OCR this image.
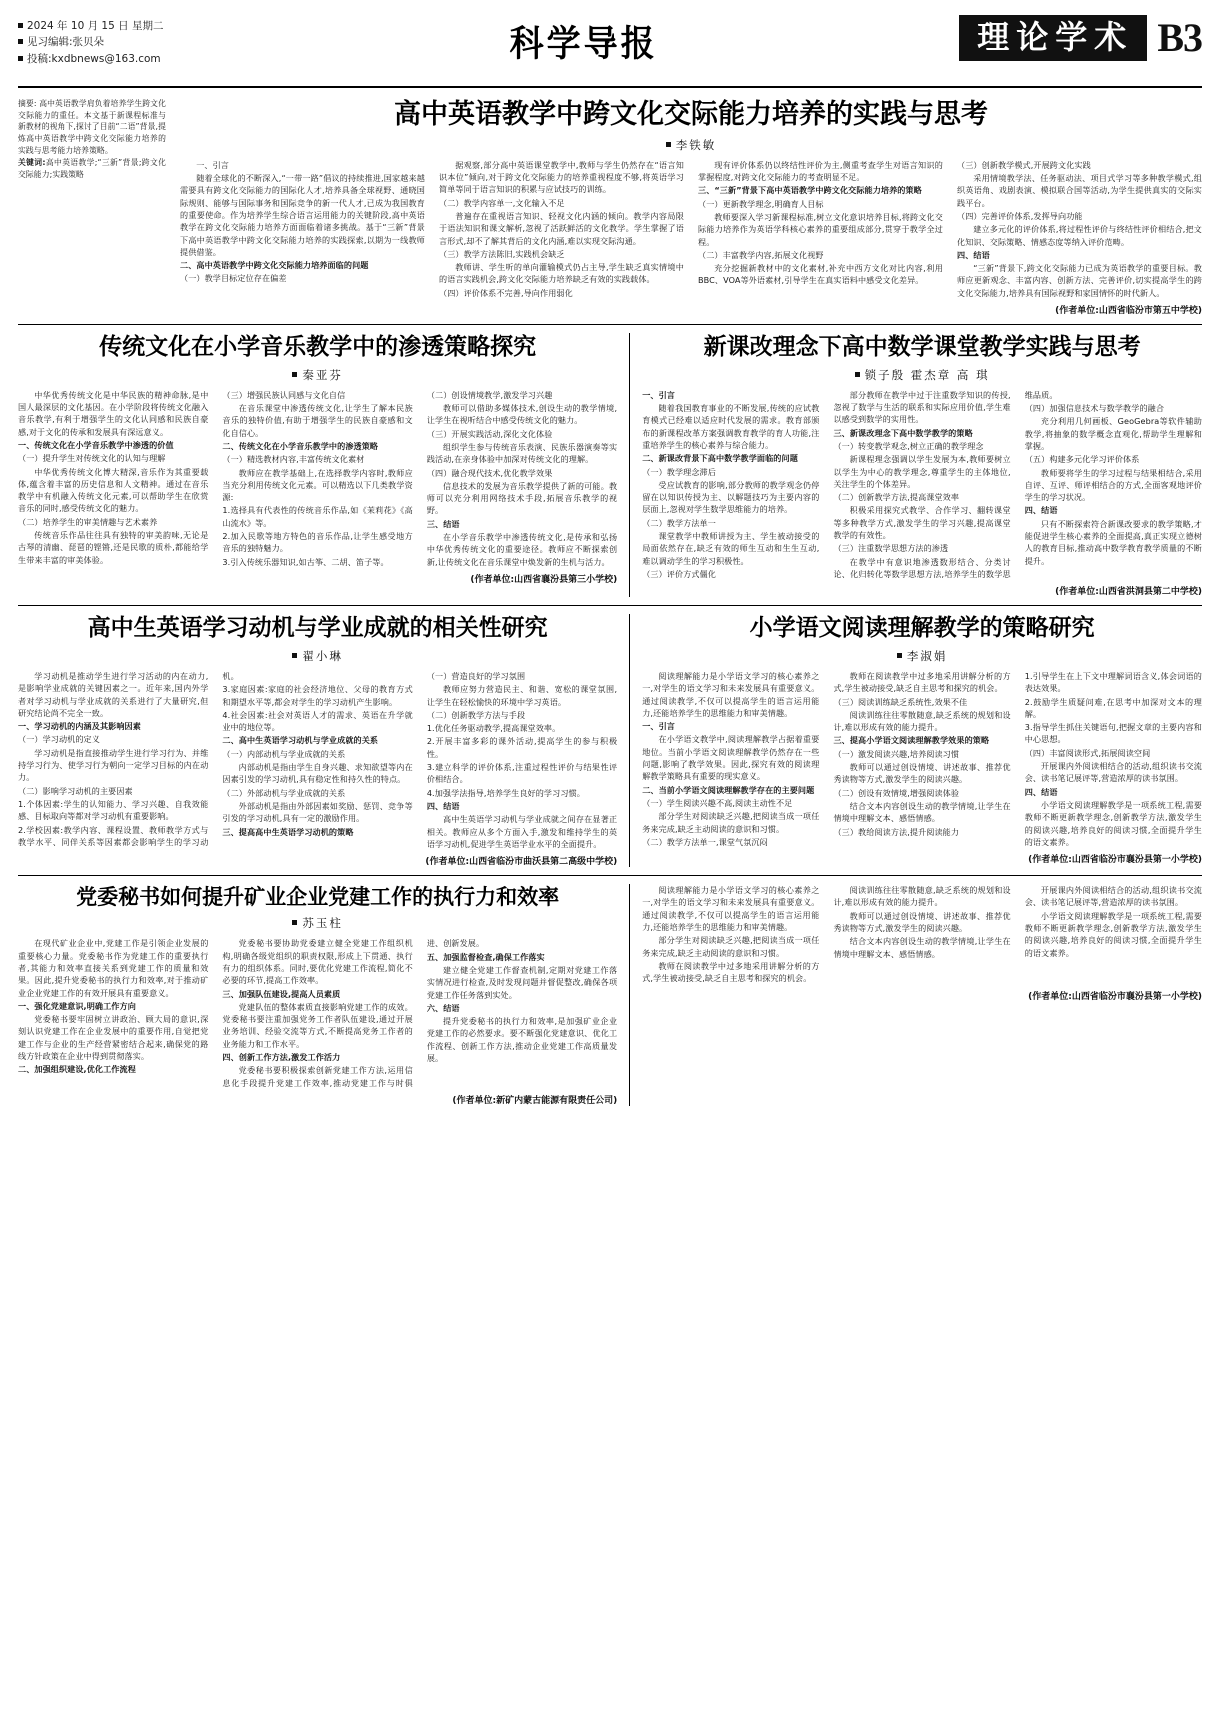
2024 年 10 月 15 日 星期二
见习编辑:张贝朵
投稿:kxdbnews@163.com	科学导报	理论学术 B3

摘要: 高中英语教学肩负着培养学生跨文化交际能力的重任。本文基于新课程标准与新教材的视角下,探讨了目前“二语”背景,提炼高中英语教学中跨文化交际能力培养的实践与思考能力培养策略。

关键词:高中英语教学;“三新”背景;跨文化交际能力;实践策略

高中英语教学中跨文化交际能力培养的实践与思考
李铁敏

一、引言

随着全球化的不断深入,“一带一路”倡议的持续推进,国家越来越需要具有跨文化交际能力的国际化人才,培养具备全球视野、通晓国际规则、能够与国际事务和国际竞争的新一代人才,已成为我国教育的重要使命。作为培养学生综合语言运用能力的关键阶段,高中英语教学在跨文化交际能力培养方面面临着诸多挑战。基于“三新”背景下高中英语教学中跨文化交际能力培养的实践探索,以期为一线教师提供借鉴。

二、高中英语教学中跨文化交际能力培养面临的问题

（一）教学目标定位存在偏差

据观察,部分高中英语课堂教学中,教师与学生仍然存在“语言知识本位”倾向,对于跨文化交际能力的培养重视程度不够,将英语学习简单等同于语言知识的积累与应试技巧的训练。

（二）教学内容单一,文化输入不足

普遍存在重视语言知识、轻视文化内涵的倾向。教学内容局限于语法知识和课文解析,忽视了活跃鲜活的文化教学。学生掌握了语言形式,却不了解其背后的文化内涵,难以实现交际沟通。

（三）教学方法陈旧,实践机会缺乏

教师讲、学生听的单向灌输模式仍占主导,学生缺乏真实情境中的语言实践机会,跨文化交际能力培养缺乏有效的实践载体。

（四）评价体系不完善,导向作用弱化

现有评价体系仍以终结性评价为主,侧重考查学生对语言知识的掌握程度,对跨文化交际能力的考查明显不足。

三、“三新”背景下高中英语教学中跨文化交际能力培养的策略

（一）更新教学理念,明确育人目标

教师要深入学习新课程标准,树立文化意识培养目标,将跨文化交际能力培养作为英语学科核心素养的重要组成部分,贯穿于教学全过程。

（二）丰富教学内容,拓展文化视野

充分挖掘新教材中的文化素材,补充中西方文化对比内容,利用BBC、VOA等外语素材,引导学生在真实语料中感受文化差异。

（三）创新教学模式,开展跨文化实践

采用情境教学法、任务驱动法、项目式学习等多种教学模式,组织英语角、戏剧表演、模拟联合国等活动,为学生提供真实的交际实践平台。

（四）完善评价体系,发挥导向功能

建立多元化的评价体系,将过程性评价与终结性评价相结合,把文化知识、交际策略、情感态度等纳入评价范畴。

四、结语

“三新”背景下,跨文化交际能力已成为英语教学的重要目标。教师应更新观念、丰富内容、创新方法、完善评价,切实提高学生的跨文化交际能力,培养具有国际视野和家国情怀的时代新人。

(作者单位:山西省临汾市第五中学校)
传统文化在小学音乐教学中的渗透策略探究
秦亚芬

中华优秀传统文化是中华民族的精神命脉,是中国人最深层的文化基因。在小学阶段将传统文化融入音乐教学,有利于增强学生的文化认同感和民族自豪感,对于文化的传承和发展具有深远意义。

一、传统文化在小学音乐教学中渗透的价值

（一）提升学生对传统文化的认知与理解

中华优秀传统文化博大精深,音乐作为其重要载体,蕴含着丰富的历史信息和人文精神。通过在音乐教学中有机融入传统文化元素,可以帮助学生在欣赏音乐的同时,感受传统文化的魅力。

（二）培养学生的审美情趣与艺术素养

传统音乐作品往往具有独特的审美韵味,无论是古琴的清幽、琵琶的铿锵,还是民歌的质朴,都能给学生带来丰富的审美体验。

（三）增强民族认同感与文化自信

在音乐课堂中渗透传统文化,让学生了解本民族音乐的独特价值,有助于增强学生的民族自豪感和文化自信心。

二、传统文化在小学音乐教学中的渗透策略

（一）精选教材内容,丰富传统文化素材

教师应在教学基础上,在选择教学内容时,教师应当充分利用传统文化元素。可以精选以下几类教学资源:

1.选择具有代表性的传统音乐作品,如《茉莉花》《高山流水》等。

2.加入民歌等地方特色的音乐作品,让学生感受地方音乐的独特魅力。

3.引入传统乐器知识,如古筝、二胡、笛子等。

（二）创设情境教学,激发学习兴趣

教师可以借助多媒体技术,创设生动的教学情境,让学生在视听结合中感受传统文化的魅力。

（三）开展实践活动,深化文化体验

组织学生参与传统音乐表演、民族乐器演奏等实践活动,在亲身体验中加深对传统文化的理解。

（四）融合现代技术,优化教学效果

信息技术的发展为音乐教学提供了新的可能。教师可以充分利用网络技术手段,拓展音乐教学的视野。

三、结语

在小学音乐教学中渗透传统文化,是传承和弘扬中华优秀传统文化的重要途径。教师应不断探索创新,让传统文化在音乐课堂中焕发新的生机与活力。

(作者单位:山西省襄汾县第三小学校)
新课改理念下高中数学课堂教学实践与思考
锁子殷 霍杰章 高 琪

一、引言

随着我国教育事业的不断发展,传统的应试教育模式已经难以适应时代发展的需求。教育部颁布的新课程改革方案强调教育教学的育人功能,注重培养学生的核心素养与综合能力。

二、新课改背景下高中数学教学面临的问题

（一）教学理念滞后

受应试教育的影响,部分教师的教学观念仍停留在以知识传授为主、以解题技巧为主要内容的层面上,忽视对学生数学思维能力的培养。

（二）教学方法单一

课堂教学中教师讲授为主、学生被动接受的局面依然存在,缺乏有效的师生互动和生生互动,难以调动学生的学习积极性。

（三）评价方式僵化

部分教师在教学中过于注重数学知识的传授,忽视了数学与生活的联系和实际应用价值,学生难以感受到数学的实用性。

三、新课改理念下高中数学教学的策略

（一）转变教学观念,树立正确的教学理念

新课程理念强调以学生发展为本,教师要树立以学生为中心的教学理念,尊重学生的主体地位,关注学生的个体差异。

（二）创新教学方法,提高课堂效率

积极采用探究式教学、合作学习、翻转课堂等多种教学方式,激发学生的学习兴趣,提高课堂教学的有效性。

（三）注重数学思想方法的渗透

在教学中有意识地渗透数形结合、分类讨论、化归转化等数学思想方法,培养学生的数学思维品质。

（四）加强信息技术与数学教学的融合

充分利用几何画板、GeoGebra等软件辅助教学,将抽象的数学概念直观化,帮助学生理解和掌握。

（五）构建多元化学习评价体系

教师要将学生的学习过程与结果相结合,采用自评、互评、师评相结合的方式,全面客观地评价学生的学习状况。

四、结语

只有不断探索符合新课改要求的教学策略,才能促进学生核心素养的全面提高,真正实现立德树人的教育目标,推动高中数学教育教学质量的不断提升。

(作者单位:山西省洪洞县第二中学校)
高中生英语学习动机与学业成就的相关性研究
翟小琳

学习动机是推动学生进行学习活动的内在动力,是影响学业成就的关键因素之一。近年来,国内外学者对学习动机与学业成就的关系进行了大量研究,但研究结论尚不完全一致。

一、学习动机的内涵及其影响因素

（一）学习动机的定义

学习动机是指直接推动学生进行学习行为、并维持学习行为、使学习行为朝向一定学习目标的内在动力。

（二）影响学习动机的主要因素

1.个体因素:学生的认知能力、学习兴趣、自我效能感、目标取向等都对学习动机有重要影响。

2.学校因素:教学内容、课程设置、教师教学方式与教学水平、同伴关系等因素都会影响学生的学习动机。

3.家庭因素:家庭的社会经济地位、父母的教育方式和期望水平等,都会对学生的学习动机产生影响。

4.社会因素:社会对英语人才的需求、英语在升学就业中的地位等。

二、高中生英语学习动机与学业成就的关系

（一）内部动机与学业成就的关系

内部动机是指由学生自身兴趣、求知欲望等内在因素引发的学习动机,具有稳定性和持久性的特点。

（二）外部动机与学业成就的关系

外部动机是指由外部因素如奖励、惩罚、竞争等引发的学习动机,具有一定的激励作用。

三、提高高中生英语学习动机的策略

（一）营造良好的学习氛围

教师应努力营造民主、和谐、宽松的课堂氛围,让学生在轻松愉快的环境中学习英语。

（二）创新教学方法与手段

1.优化任务驱动教学,提高课堂效率。

2.开展丰富多彩的课外活动,提高学生的参与积极性。

3.建立科学的评价体系,注重过程性评价与结果性评价相结合。

4.加强学法指导,培养学生良好的学习习惯。

四、结语

高中生英语学习动机与学业成就之间存在显著正相关。教师应从多个方面入手,激发和维持学生的英语学习动机,促进学生英语学业水平的全面提升。

(作者单位:山西省临汾市曲沃县第二高级中学校)
小学语文阅读理解教学的策略研究
李淑娟

阅读理解能力是小学语文学习的核心素养之一,对学生的语文学习和未来发展具有重要意义。通过阅读教学,不仅可以提高学生的语言运用能力,还能培养学生的思维能力和审美情趣。

一、引言

在小学语文教学中,阅读理解教学占据着重要地位。当前小学语文阅读理解教学仍然存在一些问题,影响了教学效果。因此,探究有效的阅读理解教学策略具有重要的现实意义。

二、当前小学语文阅读理解教学存在的主要问题

（一）学生阅读兴趣不高,阅读主动性不足

部分学生对阅读缺乏兴趣,把阅读当成一项任务来完成,缺乏主动阅读的意识和习惯。

（二）教学方法单一,课堂气氛沉闷

教师在阅读教学中过多地采用讲解分析的方式,学生被动接受,缺乏自主思考和探究的机会。

（三）阅读训练缺乏系统性,效果不佳

阅读训练往往零散随意,缺乏系统的规划和设计,难以形成有效的能力提升。

三、提高小学语文阅读理解教学效果的策略

（一）激发阅读兴趣,培养阅读习惯

教师可以通过创设情境、讲述故事、推荐优秀读物等方式,激发学生的阅读兴趣。

（二）创设有效情境,增强阅读体验

结合文本内容创设生动的教学情境,让学生在情境中理解文本、感悟情感。

（三）教给阅读方法,提升阅读能力

1.引导学生在上下文中理解词语含义,体会词语的表达效果。

2.鼓励学生质疑问难,在思考中加深对文本的理解。

3.指导学生抓住关键语句,把握文章的主要内容和中心思想。

（四）丰富阅读形式,拓展阅读空间

开展课内外阅读相结合的活动,组织读书交流会、读书笔记展评等,营造浓厚的读书氛围。

四、结语

小学语文阅读理解教学是一项系统工程,需要教师不断更新教学理念,创新教学方法,激发学生的阅读兴趣,培养良好的阅读习惯,全面提升学生的语文素养。

(作者单位:山西省临汾市襄汾县第一小学校)
党委秘书如何提升矿业企业党建工作的执行力和效率
苏玉柱

在现代矿业企业中,党建工作是引领企业发展的重要核心力量。党委秘书作为党建工作的重要执行者,其能力和效率直接关系到党建工作的质量和效果。因此,提升党委秘书的执行力和效率,对于推动矿业企业党建工作的有效开展具有重要意义。

一、强化党建意识,明确工作方向

党委秘书要牢固树立讲政治、顾大局的意识,深刻认识党建工作在企业发展中的重要作用,自觉把党建工作与企业的生产经营紧密结合起来,确保党的路线方针政策在企业中得到贯彻落实。

二、加强组织建设,优化工作流程

党委秘书要协助党委建立健全党建工作组织机构,明确各级党组织的职责权限,形成上下贯通、执行有力的组织体系。同时,要优化党建工作流程,简化不必要的环节,提高工作效率。

三、加强队伍建设,提高人员素质

党建队伍的整体素质直接影响党建工作的成效。党委秘书要注重加强党务工作者队伍建设,通过开展业务培训、经验交流等方式,不断提高党务工作者的业务能力和工作水平。

四、创新工作方法,激发工作活力

党委秘书要积极探索创新党建工作方法,运用信息化手段提升党建工作效率,推动党建工作与时俱进、创新发展。

五、加强监督检查,确保工作落实

建立健全党建工作督查机制,定期对党建工作落实情况进行检查,及时发现问题并督促整改,确保各项党建工作任务落到实处。

六、结语

提升党委秘书的执行力和效率,是加强矿业企业党建工作的必然要求。要不断强化党建意识、优化工作流程、创新工作方法,推动企业党建工作高质量发展。

(作者单位:新矿内蒙古能源有限责任公司)

阅读理解能力是小学语文学习的核心素养之一,对学生的语文学习和未来发展具有重要意义。通过阅读教学,不仅可以提高学生的语言运用能力,还能培养学生的思维能力和审美情趣。

部分学生对阅读缺乏兴趣,把阅读当成一项任务来完成,缺乏主动阅读的意识和习惯。

教师在阅读教学中过多地采用讲解分析的方式,学生被动接受,缺乏自主思考和探究的机会。

阅读训练往往零散随意,缺乏系统的规划和设计,难以形成有效的能力提升。

教师可以通过创设情境、讲述故事、推荐优秀读物等方式,激发学生的阅读兴趣。

结合文本内容创设生动的教学情境,让学生在情境中理解文本、感悟情感。

开展课内外阅读相结合的活动,组织读书交流会、读书笔记展评等,营造浓厚的读书氛围。

小学语文阅读理解教学是一项系统工程,需要教师不断更新教学理念,创新教学方法,激发学生的阅读兴趣,培养良好的阅读习惯,全面提升学生的语文素养。

(作者单位:山西省临汾市襄汾县第一小学校)
